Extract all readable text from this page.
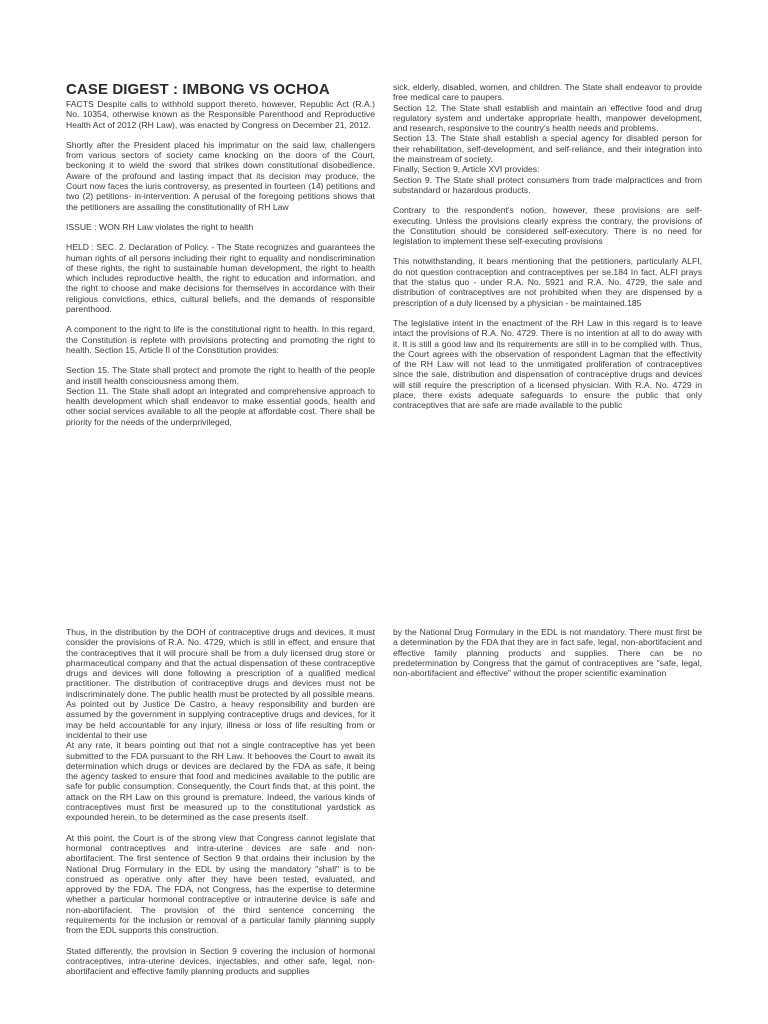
CASE DIGEST : IMBONG VS OCHOA

FACTS Despite calls to withhold support thereto, however, Republic Act (R.A.) No. 10354, otherwise known as the Responsible Parenthood and Reproductive Health Act of 2012 (RH Law), was enacted by Congress on December 21, 2012.

Shortly after the President placed his imprimatur on the said law, challengers from various sectors of society came knocking on the doors of the Court, beckoning it to wield the sword that strikes down constitutional disobedience. Aware of the profound and lasting impact that its decision may produce, the Court now faces the iuris controversy, as presented in fourteen (14) petitions and two (2) petitions- in-intervention. A perusal of the foregoing petitions shows that the petitioners are assailing the constitutionality of RH Law

ISSUE : WON RH Law violates the right to health

HELD : SEC. 2. Declaration of Policy. - The State recognizes and guarantees the human rights of all persons including their right to equality and nondiscrimination of these rights, the right to sustainable human development, the right to health which includes reproductive health, the right to education and information, and the right to choose and make decisions for themselves in accordance with their religious convictions, ethics, cultural beliefs, and the demands of responsible parenthood.

A component to the right to life is the constitutional right to health. In this regard, the Constitution is replete with provisions protecting and promoting the right to health. Section 15, Article II of the Constitution provides:

Section 15. The State shall protect and promote the right to health of the people and instill health consciousness among them.

Section 11. The State shall adopt an integrated and comprehensive approach to health development which shall endeavor to make essential goods, health and other social services available to all the people at affordable cost. There shall be priority for the needs of the underprivileged,

sick, elderly, disabled, women, and children. The State shall endeavor to provide free medical care to paupers.

Section 12. The State shall establish and maintain an effective food and drug regulatory system and undertake appropriate health, manpower development, and research, responsive to the country's health needs and problems.

Section 13. The State shall establish a special agency for disabled person for their rehabilitation, self-development, and self-reliance, and their integration into the mainstream of society.

Finally, Section 9, Article XVI provides:

Section 9. The State shall protect consumers from trade malpractices and from substandard or hazardous products.

Contrary to the respondent's notion, however, these provisions are self-executing. Unless the provisions clearly express the contrary, the provisions of the Constitution should be considered self-executory. There is no need for legislation to implement these self-executing provisions

This notwithstanding, it bears mentioning that the petitioners, particularly ALFI, do not question contraception and contraceptives per se.184 In fact, ALFI prays that the status quo - under R.A. No. 5921 and R.A. No. 4729, the sale and distribution of contraceptives are not prohibited when they are dispensed by a prescription of a duly licensed by a physician - be maintained.185

The legislative intent in the enactment of the RH Law in this regard is to leave intact the provisions of R.A. No. 4729. There is no intention at all to do away with it. It is still a good law and its requirements are still in to be complied with. Thus, the Court agrees with the observation of respondent Lagman that the effectivity of the RH Law will not lead to the unmitigated proliferation of contraceptives since the sale, distribution and dispensation of contraceptive drugs and devices will still require the prescription of a licensed physician. With R.A. No. 4729 in place, there exists adequate safeguards to ensure the public that only contraceptives that are safe are made available to the public

Thus, in the distribution by the DOH of contraceptive drugs and devices, it must consider the provisions of R.A. No. 4729, which is still in effect, and ensure that the contraceptives that it will procure shall be from a duly licensed drug store or pharmaceutical company and that the actual dispensation of these contraceptive drugs and devices will done following a prescription of a qualified medical practitioner. The distribution of contraceptive drugs and devices must not be indiscriminately done. The public health must be protected by all possible means. As pointed out by Justice De Castro, a heavy responsibility and burden are assumed by the government in supplying contraceptive drugs and devices, for it may be held accountable for any injury, illness or loss of life resulting from or incidental to their use

At any rate, it bears pointing out that not a single contraceptive has yet been submitted to the FDA pursuant to the RH Law. It behooves the Court to await its determination which drugs or devices are declared by the FDA as safe, it being the agency tasked to ensure that food and medicines available to the public are safe for public consumption. Consequently, the Court finds that, at this point, the attack on the RH Law on this ground is premature. Indeed, the various kinds of contraceptives must first be measured up to the constitutional yardstick as expounded herein, to be determined as the case presents itself.

At this point, the Court is of the strong view that Congress cannot legislate that hormonal contraceptives and intra-uterine devices are safe and non-abortifacient. The first sentence of Section 9 that ordains their inclusion by the National Drug Formulary in the EDL by using the mandatory "shall" is to be construed as operative only after they have been tested, evaluated, and approved by the FDA. The FDA, not Congress, has the expertise to determine whether a particular hormonal contraceptive or intrauterine device is safe and non-abortifacient. The provision of the third sentence concerning the requirements for the inclusion or removal of a particular family planning supply from the EDL supports this construction.

Stated differently, the provision in Section 9 covering the inclusion of hormonal contraceptives, intra-uterine devices, injectables, and other safe, legal, non-abortifacient and effective family planning products and supplies

by the National Drug Formulary in the EDL is not mandatory. There must first be a determination by the FDA that they are in fact safe, legal, non-abortifacient and effective family planning products and supplies. There can be no predetermination by Congress that the gamut of contraceptives are "safe, legal, non-abortifacient and effective" without the proper scientific examination
